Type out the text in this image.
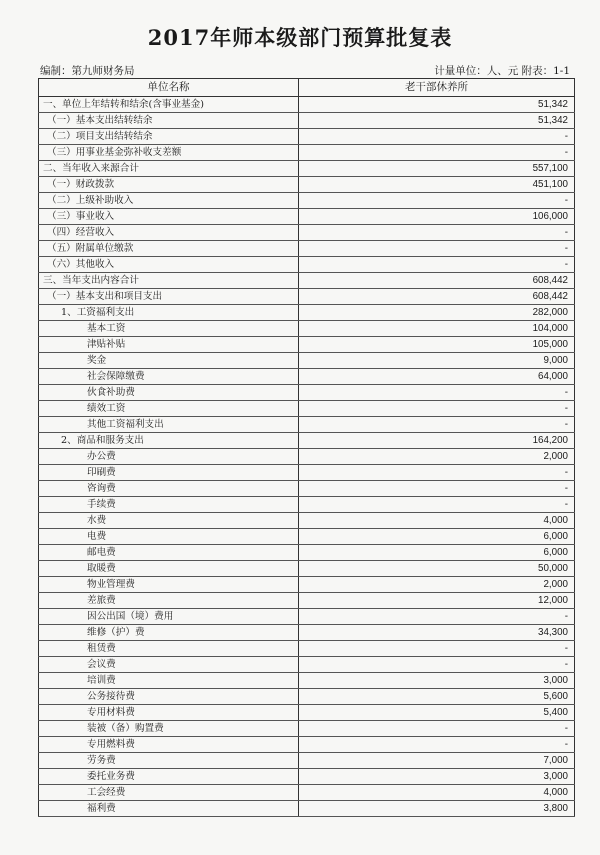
2017年师本级部门预算批复表
编制：第九师财务局	计量单位：人、元 附表：1-1
单位名称	老干部休养所
一、单位上年结转和结余(含事业基金)	51,342
（一）基本支出结转结余	51,342
（二）项目支出结转结余	-
（三）用事业基金弥补收支差额	-
二、当年收入来源合计	557,100
（一）财政拨款	451,100
（二）上级补助收入	-
（三）事业收入	106,000
（四）经营收入	-
（五）附属单位缴款	-
（六）其他收入	-
三、当年支出内容合计	608,442
（一）基本支出和项目支出	608,442
1、工资福利支出	282,000
基本工资	104,000
津贴补贴	105,000
奖金	9,000
社会保障缴费	64,000
伙食补助费	-
绩效工资	-
其他工资福利支出	-
2、商品和服务支出	164,200
办公费	2,000
印刷费	-
咨询费	-
手续费	-
水费	4,000
电费	6,000
邮电费	6,000
取暖费	50,000
物业管理费	2,000
差旅费	12,000
因公出国（境）费用	-
维修（护）费	34,300
租赁费	-
会议费	-
培训费	3,000
公务接待费	5,600
专用材料费	5,400
装被（备）购置费	-
专用燃料费	-
劳务费	7,000
委托业务费	3,000
工会经费	4,000
福利费	3,800
